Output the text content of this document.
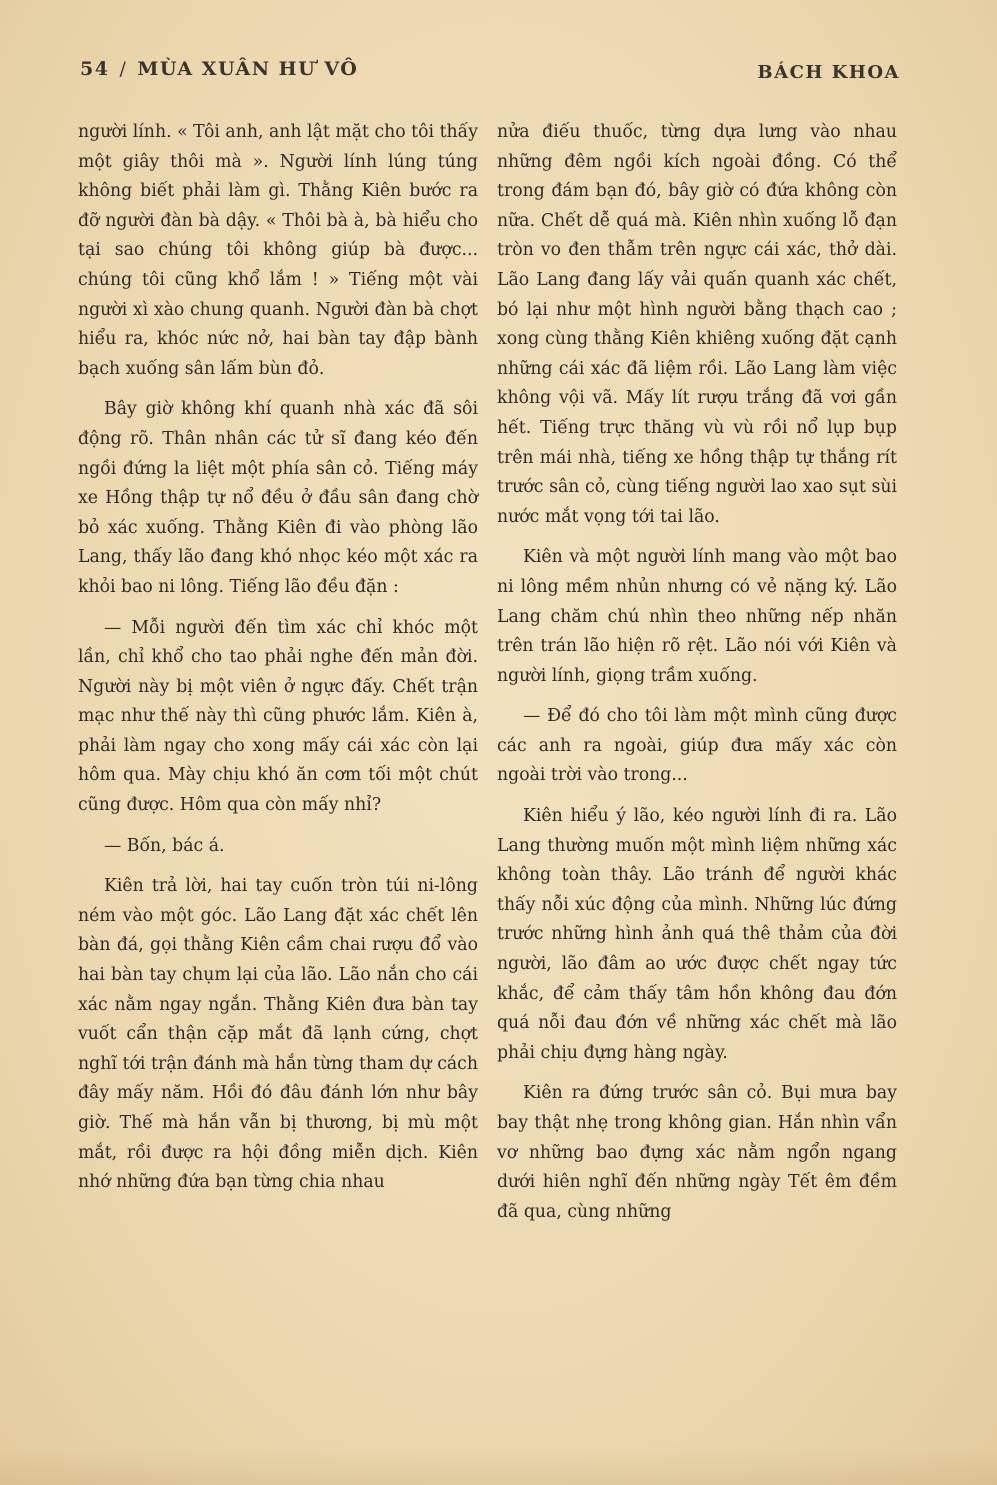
54 / MÙA XUÂN HƯ VÔ	BÁCH KHOA

người lính. « Tôi anh, anh lật mặt cho tôi thấy một giây thôi mà ». Người lính lúng túng không biết phải làm gì. Thằng Kiên bước ra đỡ người đàn bà dậy. « Thôi bà à, bà hiểu cho tại sao chúng tôi không giúp bà được... chúng tôi cũng khổ lắm ! » Tiếng một vài người xì xào chung quanh. Người đàn bà chợt hiểu ra, khóc nức nở, hai bàn tay đập bành bạch xuống sân lấm bùn đỏ.

Bây giờ không khí quanh nhà xác đã sôi động rõ. Thân nhân các tử sĩ đang kéo đến ngồi đứng la liệt một phía sân cỏ. Tiếng máy xe Hồng thập tự nổ đều ở đầu sân đang chờ bỏ xác xuống. Thằng Kiên đi vào phòng lão Lang, thấy lão đang khó nhọc kéo một xác ra khỏi bao ni lông. Tiếng lão đều đặn :

— Mỗi người đến tìm xác chỉ khóc một lần, chỉ khổ cho tao phải nghe đến mản đời. Người này bị một viên ở ngực đấy. Chết trận mạc như thế này thì cũng phước lắm. Kiên à, phải làm ngay cho xong mấy cái xác còn lại hôm qua. Mày chịu khó ăn cơm tối một chút cũng được. Hôm qua còn mấy nhỉ?

— Bốn, bác á.

Kiên trả lời, hai tay cuốn tròn túi ni-lông ném vào một góc. Lão Lang đặt xác chết lên bàn đá, gọi thằng Kiên cầm chai rượu đổ vào hai bàn tay chụm lại của lão. Lão nắn cho cái xác nằm ngay ngắn. Thằng Kiên đưa bàn tay vuốt cẩn thận cặp mắt đã lạnh cứng, chợt nghĩ tới trận đánh mà hắn từng tham dự cách đây mấy năm. Hồi đó đâu đánh lớn như bây giờ. Thế mà hắn vẫn bị thương, bị mù một mắt, rồi được ra hội đồng miễn dịch. Kiên nhớ những đứa bạn từng chia nhau

nửa điếu thuốc, từng dựa lưng vào nhau những đêm ngồi kích ngoài đồng. Có thể trong đám bạn đó, bây giờ có đứa không còn nữa. Chết dễ quá mà. Kiên nhìn xuống lỗ đạn tròn vo đen thẫm trên ngực cái xác, thở dài. Lão Lang đang lấy vải quấn quanh xác chết, bó lại như một hình người bằng thạch cao ; xong cùng thằng Kiên khiêng xuống đặt cạnh những cái xác đã liệm rồi. Lão Lang làm việc không vội vã. Mấy lít rượu trắng đã vơi gần hết. Tiếng trực thăng vù vù rồi nổ lụp bụp trên mái nhà, tiếng xe hồng thập tự thắng rít trước sân cỏ, cùng tiếng người lao xao sụt sùi nước mắt vọng tới tai lão.

Kiên và một người lính mang vào một bao ni lông mềm nhủn nhưng có vẻ nặng ký. Lão Lang chăm chú nhìn theo những nếp nhăn trên trán lão hiện rõ rệt. Lão nói với Kiên và người lính, giọng trầm xuống.

— Để đó cho tôi làm một mình cũng được các anh ra ngoài, giúp đưa mấy xác còn ngoài trời vào trong...

Kiên hiểu ý lão, kéo người lính đi ra. Lão Lang thường muốn một mình liệm những xác không toàn thây. Lão tránh để người khác thấy nỗi xúc động của mình. Những lúc đứng trước những hình ảnh quá thê thảm của đời người, lão đâm ao ước được chết ngay tức khắc, để cảm thấy tâm hồn không đau đớn quá nỗi đau đớn về những xác chết mà lão phải chịu đựng hàng ngày.

Kiên ra đứng trước sân cỏ. Bụi mưa bay bay thật nhẹ trong không gian. Hắn nhìn vẩn vơ những bao đựng xác nằm ngổn ngang dưới hiên nghĩ đến những ngày Tết êm đềm đã qua, cùng những
